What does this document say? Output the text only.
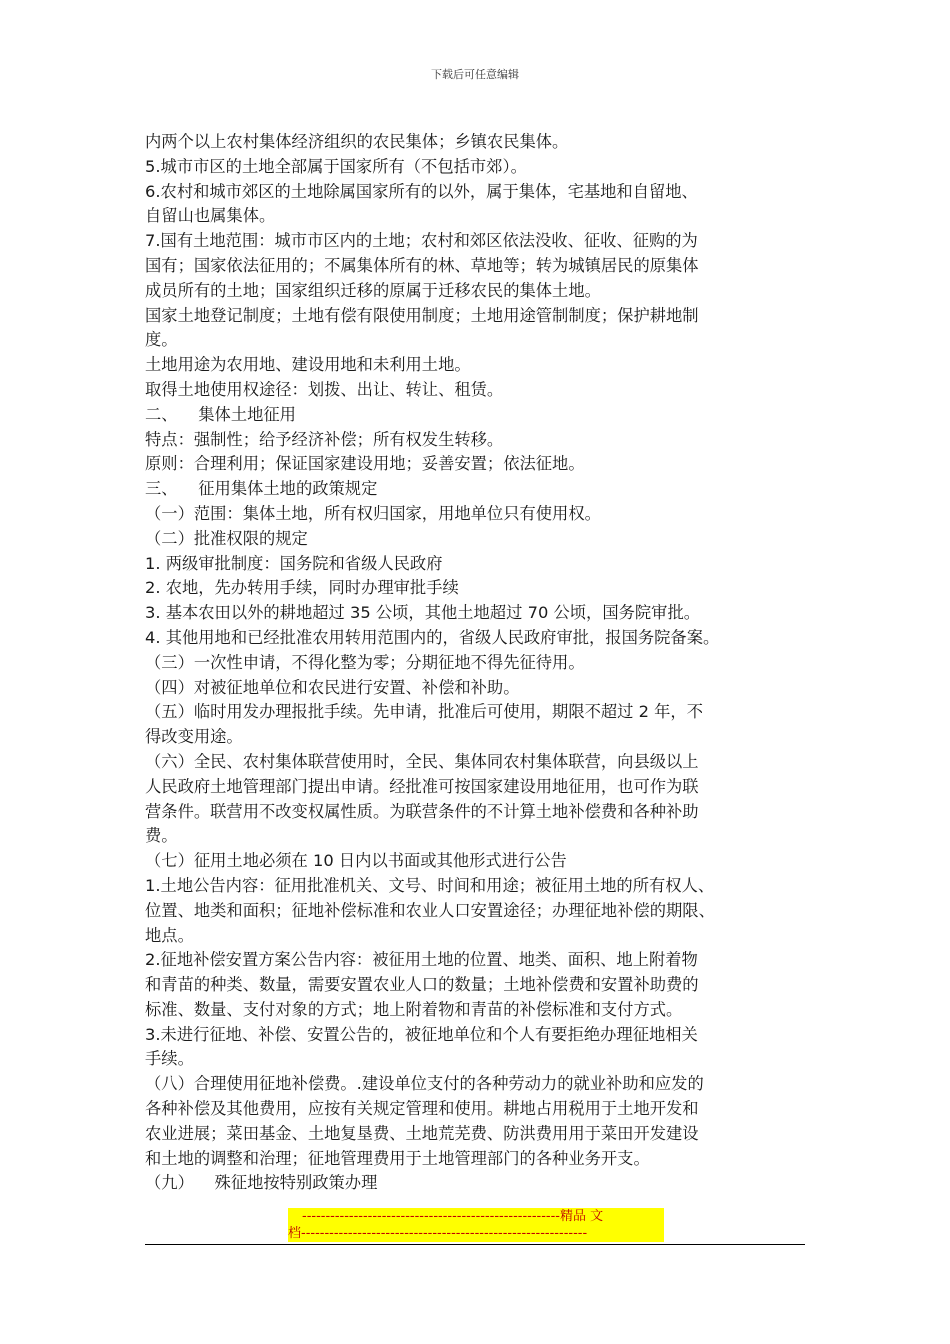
下载后可任意编辑

内两个以上农村集体经济组织的农民集体；乡镇农民集体。

5.城市市区的土地全部属于国家所有（不包括市郊）。

6.农村和城市郊区的土地除属国家所有的以外，属于集体，宅基地和自留地、

自留山也属集体。

7.国有土地范围：城市市区内的土地；农村和郊区依法没收、征收、征购的为

国有；国家依法征用的；不属集体所有的林、草地等；转为城镇居民的原集体

成员所有的土地；国家组织迁移的原属于迁移农民的集体土地。

国家土地登记制度；土地有偿有限使用制度；土地用途管制制度；保护耕地制

度。

土地用途为农用地、建设用地和未利用土地。

取得土地使用权途径：划拨、出让、转让、租赁。

二、    集体土地征用

特点：强制性；给予经济补偿；所有权发生转移。

原则：合理利用；保证国家建设用地；妥善安置；依法征地。

三、    征用集体土地的政策规定

（一）范围：集体土地，所有权归国家，用地单位只有使用权。

（二）批准权限的规定

1. 两级审批制度：国务院和省级人民政府

2. 农地，先办转用手续，同时办理审批手续

3. 基本农田以外的耕地超过 35 公顷，其他土地超过 70 公顷，国务院审批。

4. 其他用地和已经批准农用转用范围内的，省级人民政府审批，报国务院备案。

（三）一次性申请，不得化整为零；分期征地不得先征待用。

（四）对被征地单位和农民进行安置、补偿和补助。

（五）临时用发办理报批手续。先申请，批准后可使用，期限不超过 2 年，不

得改变用途。

（六）全民、农村集体联营使用时，全民、集体同农村集体联营，向县级以上

人民政府土地管理部门提出申请。经批准可按国家建设用地征用，也可作为联

营条件。联营用不改变权属性质。为联营条件的不计算土地补偿费和各种补助

费。

（七）征用土地必须在 10 日内以书面或其他形式进行公告

1.土地公告内容：征用批准机关、文号、时间和用途；被征用土地的所有权人、

位置、地类和面积；征地补偿标准和农业人口安置途径；办理征地补偿的期限、

地点。

2.征地补偿安置方案公告内容：被征用土地的位置、地类、面积、地上附着物

和青苗的种类、数量，需要安置农业人口的数量；土地补偿费和安置补助费的

标准、数量、支付对象的方式；地上附着物和青苗的补偿标准和支付方式。

3.未进行征地、补偿、安置公告的，被征地单位和个人有要拒绝办理征地相关

手续。

（八）合理使用征地补偿费。.建设单位支付的各种劳动力的就业补助和应发的

各种补偿及其他费用，应按有关规定管理和使用。耕地占用税用于土地开发和

农业进展；菜田基金、土地复垦费、土地荒芜费、防洪费用用于菜田开发建设

和土地的调整和治理；征地管理费用于土地管理部门的各种业务开支。

（九）    殊征地按特别政策办理

-------------------------------------------------------精品 文
档-------------------------------------------------------------
